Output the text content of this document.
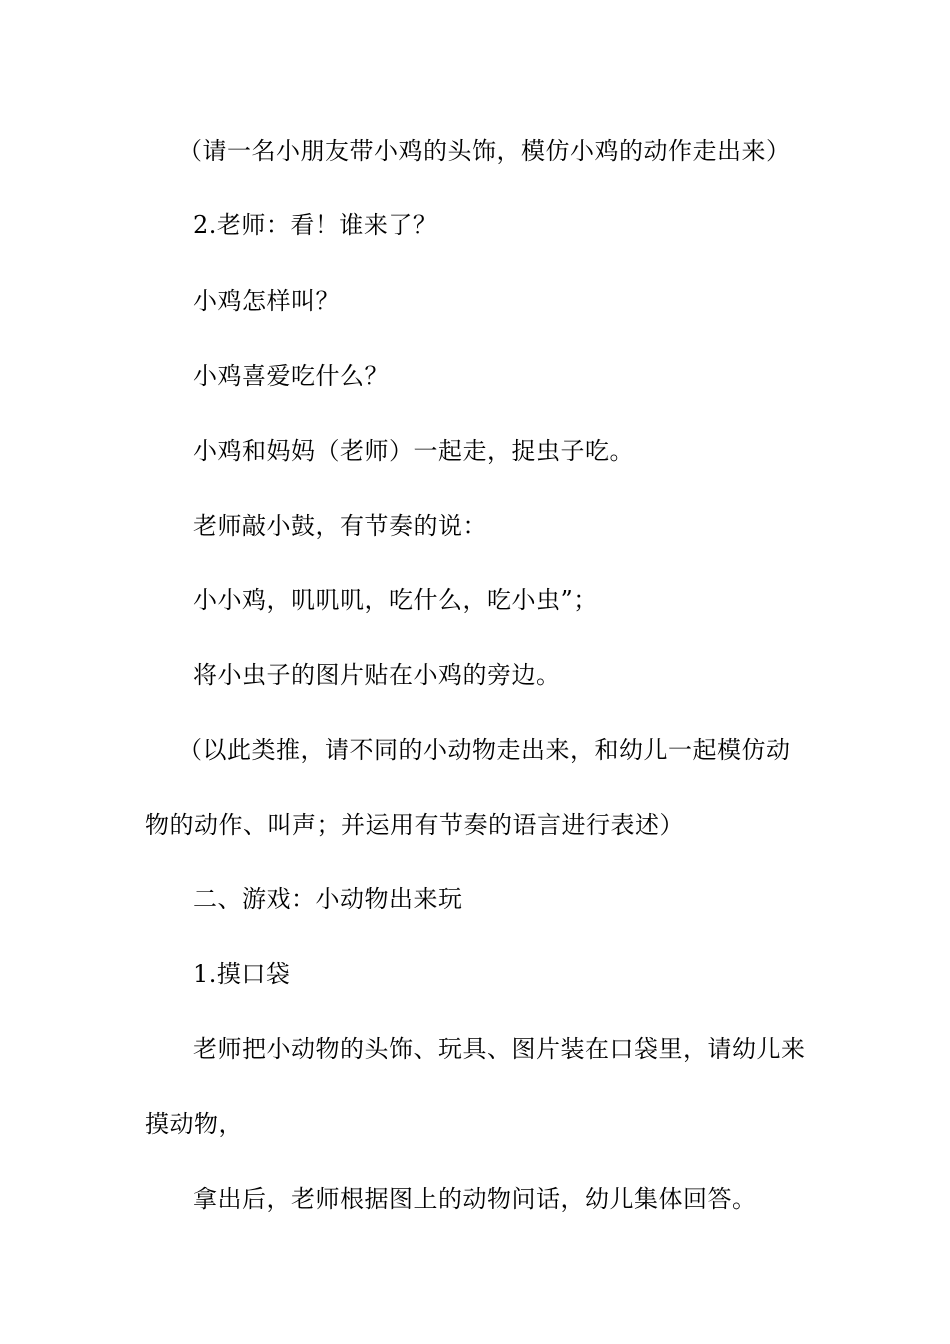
（请一名小朋友带小鸡的头饰，模仿小鸡的动作走出来）
2.老师：看！谁来了？
小鸡怎样叫？
小鸡喜爱吃什么？
小鸡和妈妈（老师）一起走，捉虫子吃。
老师敲小鼓，有节奏的说：
小小鸡，叽叽叽，吃什么，吃小虫”；
将小虫子的图片贴在小鸡的旁边。
（以此类推，请不同的小动物走出来，和幼儿一起模仿动
物的动作、叫声；并运用有节奏的语言进行表述）
二、游戏：小动物出来玩
1.摸口袋
老师把小动物的头饰、玩具、图片装在口袋里，请幼儿来
摸动物，
拿出后，老师根据图上的动物问话，幼儿集体回答。
